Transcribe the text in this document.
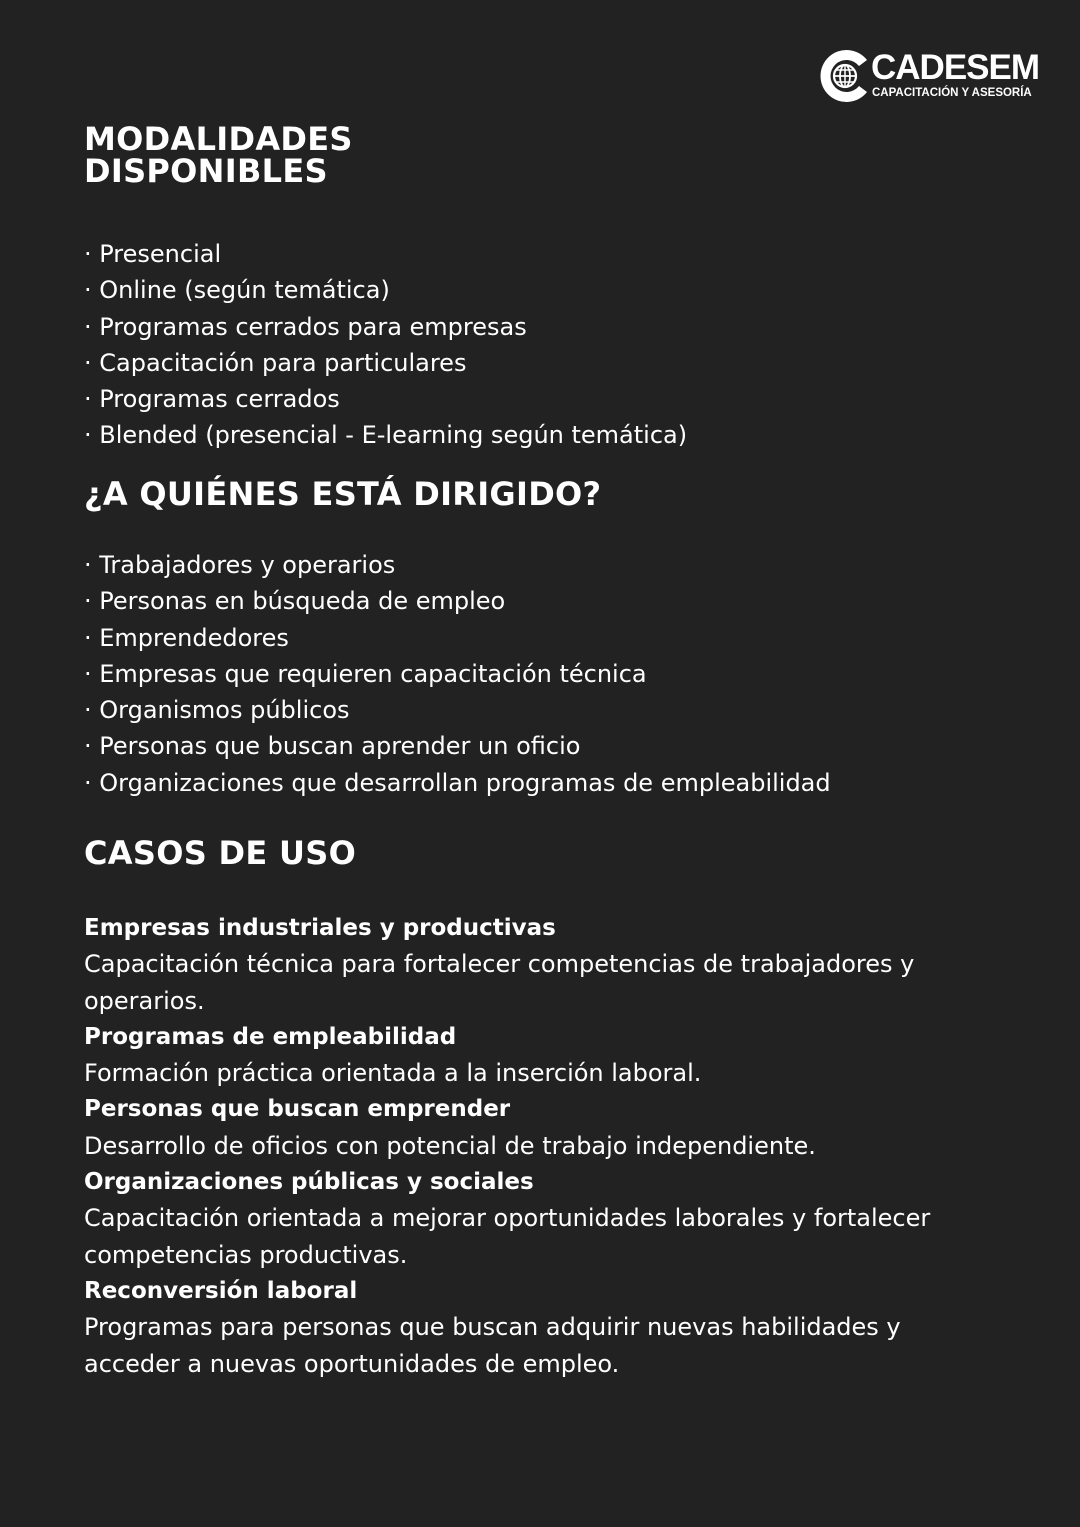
CADESEM
CAPACITACIÓN Y ASESORÍA
MODALIDADES
DISPONIBLES
· Presencial
· Online (según temática)
· Programas cerrados para empresas
· Capacitación para particulares
· Programas cerrados
· Blended (presencial - E-learning según temática)
¿A QUIÉNES ESTÁ DIRIGIDO?
· Trabajadores y operarios
· Personas en búsqueda de empleo
· Emprendedores
· Empresas que requieren capacitación técnica
· Organismos públicos
· Personas que buscan aprender un oficio
· Organizaciones que desarrollan programas de empleabilidad
CASOS DE USO
Empresas industriales y productivas
Capacitación técnica para fortalecer competencias de trabajadores y operarios.
Programas de empleabilidad
Formación práctica orientada a la inserción laboral.
Personas que buscan emprender
Desarrollo de oficios con potencial de trabajo independiente.
Organizaciones públicas y sociales
Capacitación orientada a mejorar oportunidades laborales y fortalecer competencias productivas.
Reconversión laboral
Programas para personas que buscan adquirir nuevas habilidades y acceder a nuevas oportunidades de empleo.
